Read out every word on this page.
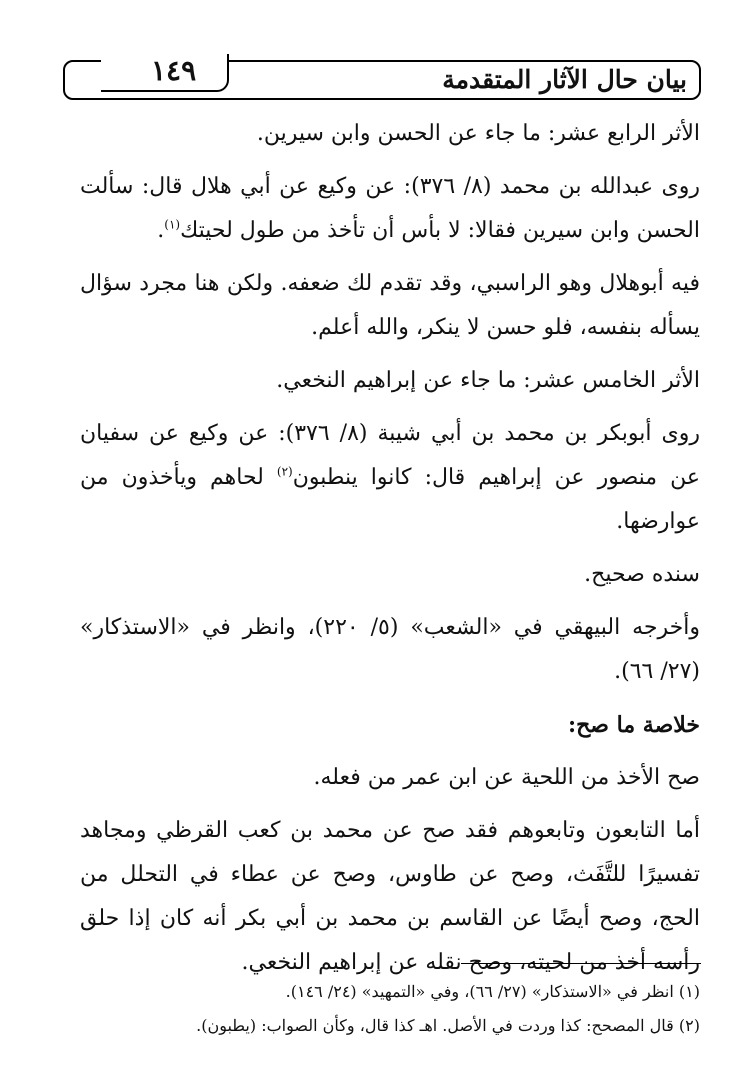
١٤٩	بيان حال الآثار المتقدمة

الأثر الرابع عشر: ما جاء عن الحسن وابن سيرين.

روى عبدالله بن محمد (٨/ ٣٧٦): عن وكيع عن أبي هلال قال: سألت الحسن وابن سيرين فقالا: لا بأس أن تأخذ من طول لحيتك$^{(١)}$.

فيه أبوهلال وهو الراسبي، وقد تقدم لك ضعفه. ولكن هنا مجرد سؤال يسأله بنفسه، فلو حسن لا ينكر، والله أعلم.

الأثر الخامس عشر: ما جاء عن إبراهيم النخعي.

روى أبوبكر بن محمد بن أبي شيبة (٨/ ٣٧٦): عن وكيع عن سفيان عن منصور عن إبراهيم قال: كانوا ينطبون$^{(٢)}$ لحاهم ويأخذون من عوارضها.

سنده صحيح.

وأخرجه البيهقي في «الشعب» (٥/ ٢٢٠)، وانظر في «الاستذكار» (٢٧/ ٦٦).

خلاصة ما صح:

صح الأخذ من اللحية عن ابن عمر من فعله.

أما التابعون وتابعوهم فقد صح عن محمد بن كعب القرظي ومجاهد تفسيرًا للتَّفَث، وصح عن طاوس، وصح عن عطاء في التحلل من الحج، وصح أيضًا عن القاسم بن محمد بن أبي بكر أنه كان إذا حلق رأسه أخذ من لحيته، وصح نقله عن إبراهيم النخعي.

(١) انظر في «الاستذكار» (٢٧/ ٦٦)، وفي «التمهيد» (٢٤/ ١٤٦).

(٢) قال المصحح: كذا وردت في الأصل. اهـ كذا قال، وكأن الصواب: (يطبون).
